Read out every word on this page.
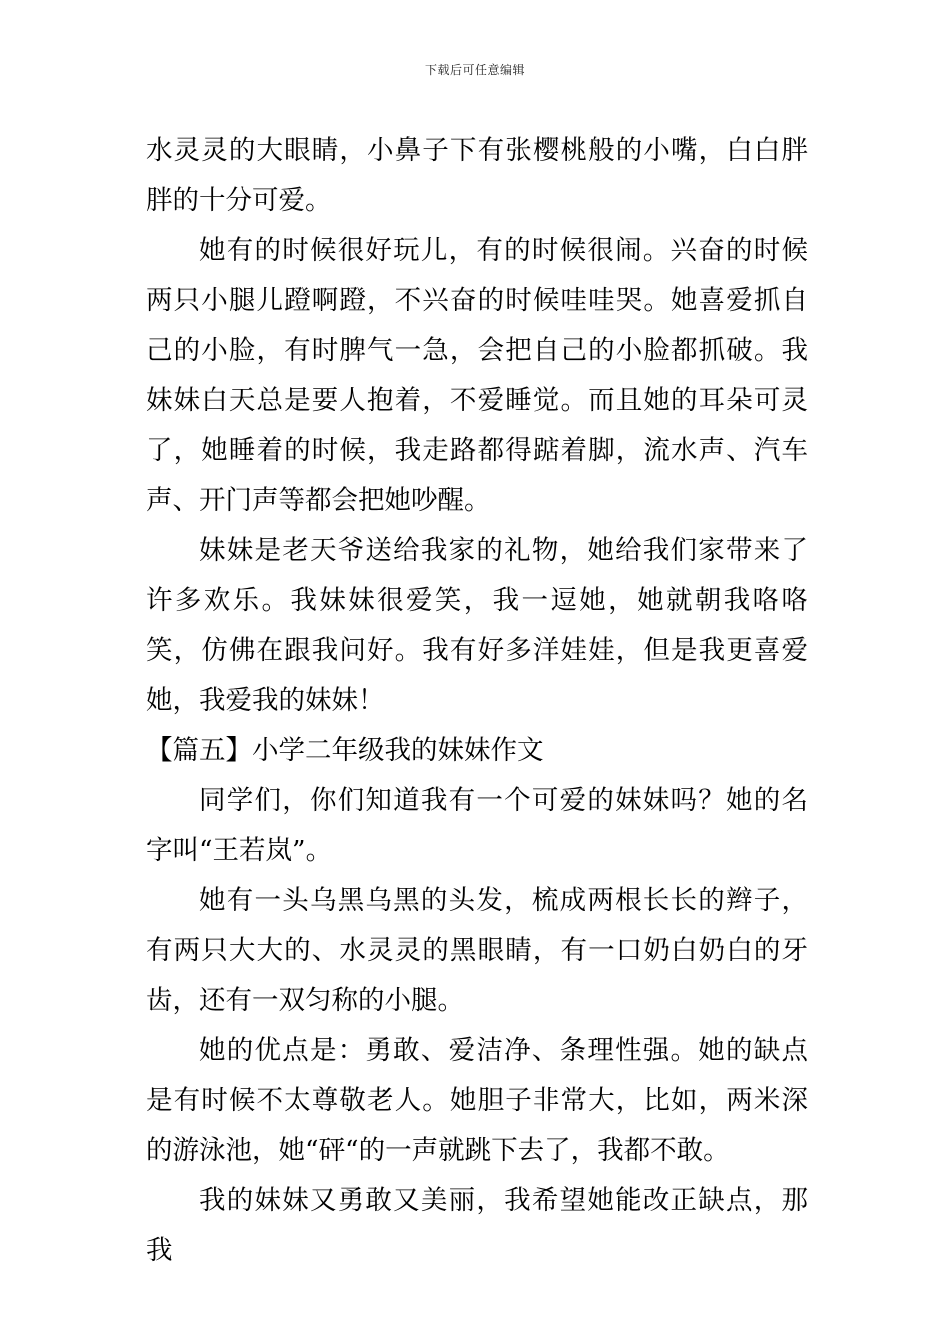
下载后可任意编辑

水灵灵的大眼睛，小鼻子下有张樱桃般的小嘴，白白胖胖的十分可爱。

她有的时候很好玩儿，有的时候很闹。兴奋的时候两只小腿儿蹬啊蹬，不兴奋的时候哇哇哭。她喜爱抓自己的小脸，有时脾气一急，会把自己的小脸都抓破。我妹妹白天总是要人抱着，不爱睡觉。而且她的耳朵可灵了，她睡着的时候，我走路都得踮着脚，流水声、汽车声、开门声等都会把她吵醒。

妹妹是老天爷送给我家的礼物，她给我们家带来了许多欢乐。我妹妹很爱笑，我一逗她，她就朝我咯咯笑，仿佛在跟我问好。我有好多洋娃娃，但是我更喜爱她，我爱我的妹妹！

【篇五】小学二年级我的妹妹作文

同学们，你们知道我有一个可爱的妹妹吗？她的名字叫“王若岚”。

她有一头乌黑乌黑的头发，梳成两根长长的辫子，有两只大大的、水灵灵的黑眼睛，有一口奶白奶白的牙齿，还有一双匀称的小腿。

她的优点是：勇敢、爱洁净、条理性强。她的缺点是有时候不太尊敬老人。她胆子非常大，比如，两米深的游泳池，她“砰“的一声就跳下去了，我都不敢。

我的妹妹又勇敢又美丽，我希望她能改正缺点，那我
